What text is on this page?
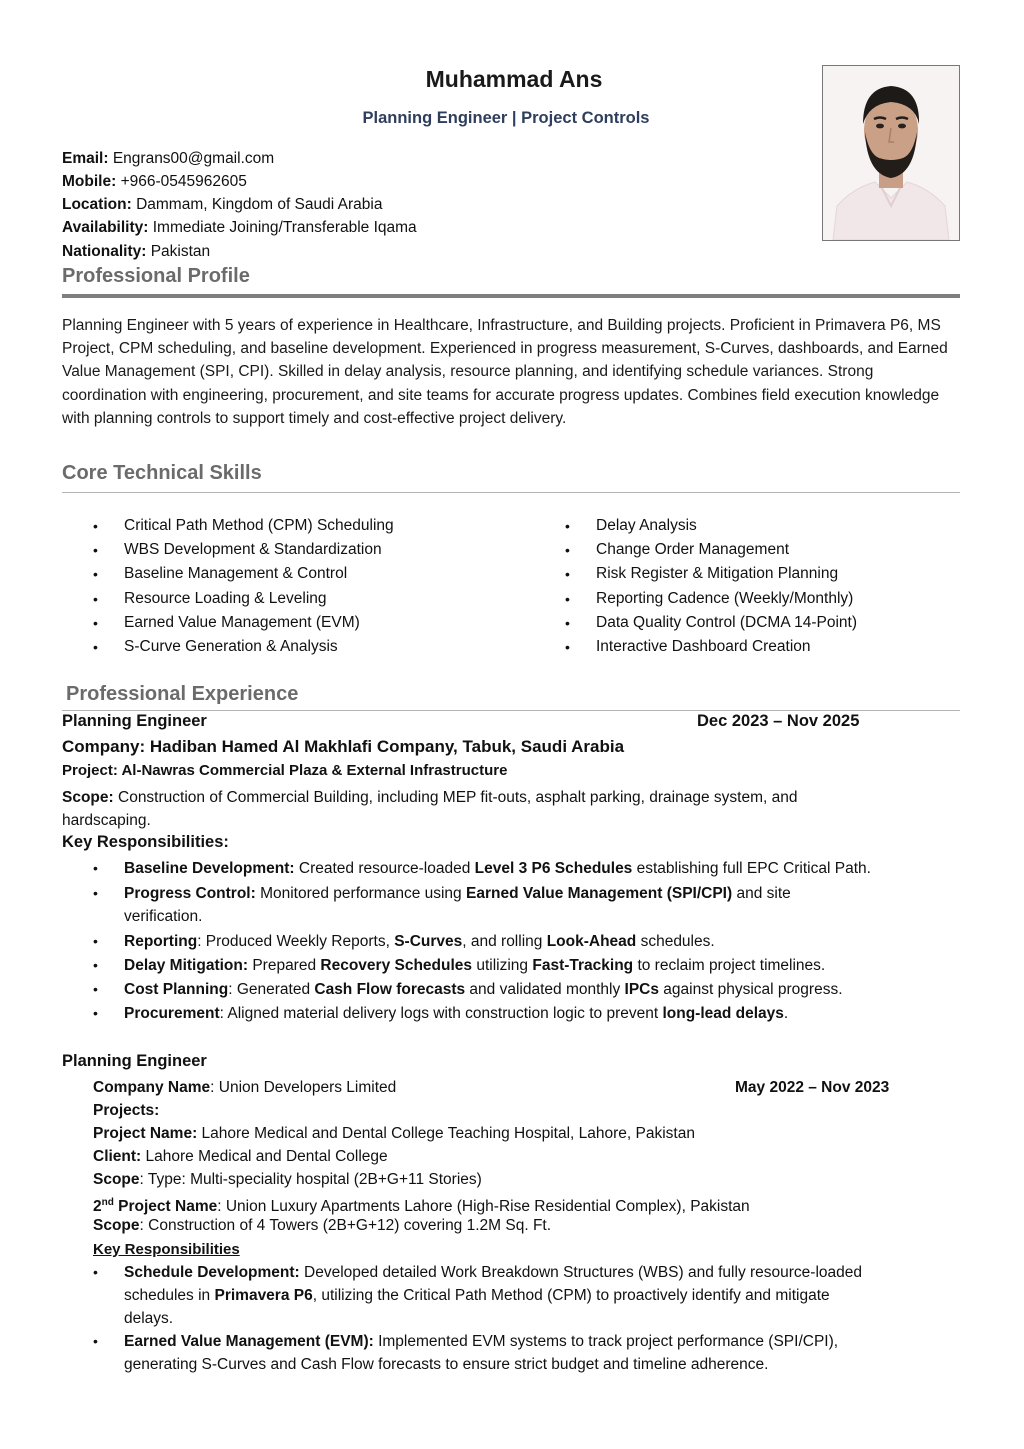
Muhammad Ans
Planning Engineer | Project Controls
Email: Engrans00@gmail.com
Mobile: +966-0545962605
Location: Dammam, Kingdom of Saudi Arabia
Availability: Immediate Joining/Transferable Iqama
Nationality: Pakistan
Professional Profile
Planning Engineer with 5 years of experience in Healthcare, Infrastructure, and Building projects. Proficient in Primavera P6, MS Project, CPM scheduling, and baseline development. Experienced in progress measurement, S-Curves, dashboards, and Earned Value Management (SPI, CPI). Skilled in delay analysis, resource planning, and identifying schedule variances. Strong coordination with engineering, procurement, and site teams for accurate progress updates. Combines field execution knowledge with planning controls to support timely and cost-effective project delivery.
Core Technical Skills
• Critical Path Method (CPM) Scheduling
• WBS Development & Standardization
• Baseline Management & Control
• Resource Loading & Leveling
• Earned Value Management (EVM)
• S-Curve Generation & Analysis
• Delay Analysis
• Change Order Management
• Risk Register & Mitigation Planning
• Reporting Cadence (Weekly/Monthly)
• Data Quality Control (DCMA 14-Point)
• Interactive Dashboard Creation
Professional Experience
Planning Engineer	Dec 2023 – Nov 2025
Company: Hadiban Hamed Al Makhlafi Company, Tabuk, Saudi Arabia
Project: Al-Nawras Commercial Plaza & External Infrastructure
Scope: Construction of Commercial Building, including MEP fit-outs, asphalt parking, drainage system, and
hardscaping.
Key Responsibilities:
• Baseline Development: Created resource-loaded Level 3 P6 Schedules establishing full EPC Critical Path.
• Progress Control: Monitored performance using Earned Value Management (SPI/CPI) and site
verification.
• Reporting: Produced Weekly Reports, S-Curves, and rolling Look-Ahead schedules.
• Delay Mitigation: Prepared Recovery Schedules utilizing Fast-Tracking to reclaim project timelines.
• Cost Planning: Generated Cash Flow forecasts and validated monthly IPCs against physical progress.
• Procurement: Aligned material delivery logs with construction logic to prevent long-lead delays.
Planning Engineer
Company Name: Union Developers Limited	May 2022 – Nov 2023
Projects:
Project Name: Lahore Medical and Dental College Teaching Hospital, Lahore, Pakistan
Client: Lahore Medical and Dental College
Scope: Type: Multi-speciality hospital (2B+G+11 Stories)
2nd Project Name: Union Luxury Apartments Lahore (High-Rise Residential Complex), Pakistan
Scope: Construction of 4 Towers (2B+G+12) covering 1.2M Sq. Ft.
Key Responsibilities
• Schedule Development: Developed detailed Work Breakdown Structures (WBS) and fully resource-loaded
schedules in Primavera P6, utilizing the Critical Path Method (CPM) to proactively identify and mitigate
delays.
• Earned Value Management (EVM): Implemented EVM systems to track project performance (SPI/CPI),
generating S-Curves and Cash Flow forecasts to ensure strict budget and timeline adherence.
